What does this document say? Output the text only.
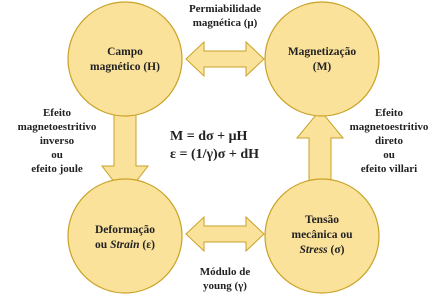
Campo
magnético (H)
Magnetização
(M)
Deformação
ou Strain (ε)
Tensão
mecânica ou
Stress (σ)
Permiabilidade
magnética (μ)
Módulo de
young (γ)
Efeito
magnetoestritivo
inverso
ou
efeito joule
Efeito
magnetoestritivo
direto
ou
efeito villari
M = dσ + μH
ε = (1/γ)σ + dH
